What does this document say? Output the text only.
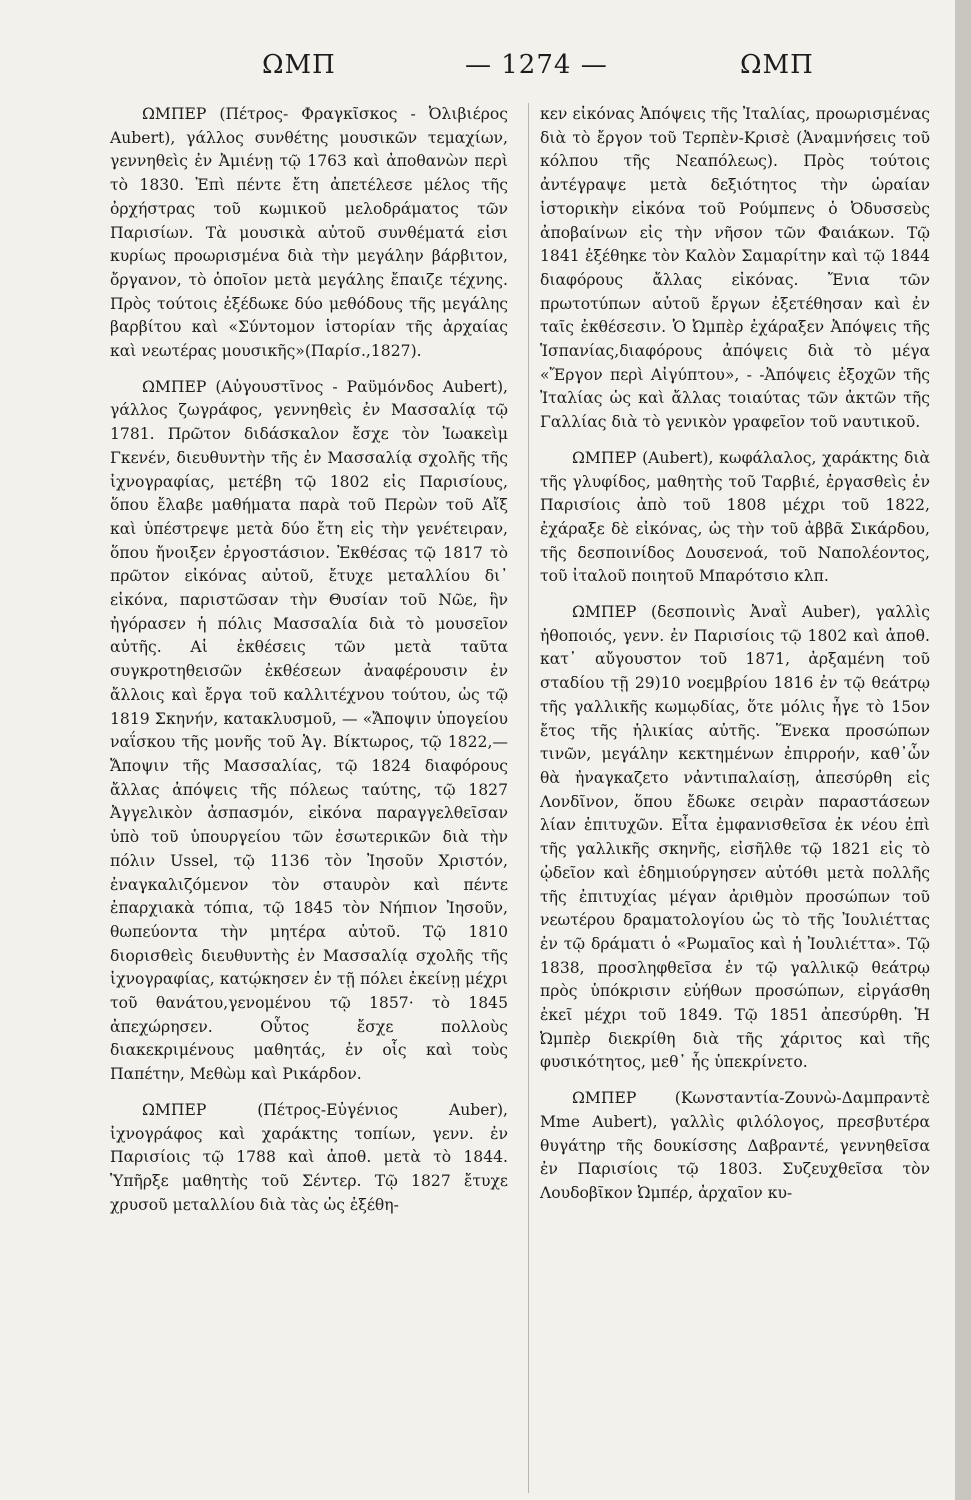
ΩΜΠ	— 1274 —	ΩΜΠ

ΩΜΠΕΡ (Πέτρος- Φραγκῖσκος - Ὀλιβιέρος Aubert), γάλλος συνθέτης μουσικῶν τεμαχίων, γεννηθεὶς ἐν Ἀμιένῃ τῷ 1763 καὶ ἀποθανὼν περὶ τὸ 1830. Ἐπὶ πέντε ἔτη ἀπετέλεσε μέλος τῆς ὀρχήστρας τοῦ κωμικοῦ μελοδράματος τῶν Παρισίων. Τὰ μουσικὰ αὐτοῦ συνθέματά εἰσι κυρίως προωρισμένα διὰ τὴν μεγάλην βάρβιτον, ὄργανον, τὸ ὁποῖον μετὰ μεγάλης ἔπαιζε τέχνης. Πρὸς τούτοις ἐξέδωκε δύο μεθόδους τῆς μεγάλης βαρβίτου καὶ «Σύντομον ἱστορίαν τῆς ἀρχαίας καὶ νεωτέρας μουσικῆς»(Παρίσ.,1827).

ΩΜΠΕΡ (Αὐγουστῖνος - Ραϋμόνδος Aubert), γάλλος ζωγράφος, γεννηθεὶς ἐν Μασσαλίᾳ τῷ 1781. Πρῶτον διδάσκαλον ἔσχε τὸν Ἰωακεὶμ Γκενέν, διευθυντὴν τῆς ἐν Μασσαλίᾳ σχολῆς τῆς ἰχνογραφίας, μετέβη τῷ 1802 εἰς Παρισίους, ὅπου ἔλαβε μαθήματα παρὰ τοῦ Περὼν τοῦ Αἴξ καὶ ὑπέστρεψε μετὰ δύο ἔτη εἰς τὴν γενέτειραν, ὅπου ἤνοιξεν ἐργοστάσιον. Ἐκθέσας τῷ 1817 τὸ πρῶτον εἰκόνας αὐτοῦ, ἔτυχε μεταλλίου δι᾽ εἰκόνα, παριστῶσαν τὴν Θυσίαν τοῦ Νῶε, ἣν ἠγόρασεν ἡ πόλις Μασσαλία διὰ τὸ μουσεῖον αὐτῆς. Αἱ ἐκθέσεις τῶν μετὰ ταῦτα συγκροτηθεισῶν ἐκθέσεων ἀναφέρουσιν ἐν ἄλλοις καὶ ἔργα τοῦ καλλιτέχνου τούτου, ὡς τῷ 1819 Σκηνήν, κατακλυσμοῦ, — «Ἄποψιν ὑπογείου ναΐσκου τῆς μονῆς τοῦ Ἁγ. Βίκτωρος, τῷ 1822,—Ἄποψιν τῆς Μασσαλίας, τῷ 1824 διαφόρους ἄλλας ἀπόψεις τῆς πόλεως ταύτης, τῷ 1827 Ἀγγελικὸν ἀσπασμόν, εἰκόνα παραγγελθεῖσαν ὑπὸ τοῦ ὑπουργείου τῶν ἐσωτερικῶν διὰ τὴν πόλιν Ussel, τῷ 1136 τὸν Ἰησοῦν Χριστόν, ἐναγκαλιζόμενον τὸν σταυρὸν καὶ πέντε ἐπαρχιακὰ τόπια, τῷ 1845 τὸν Νήπιον Ἰησοῦν, θωπεύοντα τὴν μητέρα αὐτοῦ. Τῷ 1810 διορισθεὶς διευθυντὴς ἐν Μασσαλίᾳ σχολῆς τῆς ἰχνογραφίας, κατῴκησεν ἐν τῇ πόλει ἐκείνῃ μέχρι τοῦ θανάτου,γενομένου τῷ 1857· τὸ 1845 ἀπεχώρησεν. Οὗτος ἔσχε πολλοὺς διακεκριμένους μαθητάς, ἐν οἷς καὶ τοὺς Παπέτην, Μεθὼμ καὶ Ρικάρδον.

ΩΜΠΕΡ (Πέτρος-Εὐγένιος Auber), ἰχνογράφος καὶ χαράκτης τοπίων, γενν. ἐν Παρισίοις τῷ 1788 καὶ ἀποθ. μετὰ τὸ 1844. Ὑπῆρξε μαθητὴς τοῦ Σέντερ. Τῷ 1827 ἔτυχε χρυσοῦ μεταλλίου διὰ τὰς ὡς ἐξέθη-

κεν εἰκόνας Ἀπόψεις τῆς Ἰταλίας, προωρισμένας διὰ τὸ ἔργον τοῦ Τερπὲν-Κρισὲ (Ἀναμνήσεις τοῦ κόλπου τῆς Νεαπόλεως). Πρὸς τούτοις ἀντέγραψε μετὰ δεξιότητος τὴν ὡραίαν ἱστορικὴν εἰκόνα τοῦ Ρούμπενς ὁ Ὀδυσσεὺς ἀποβαίνων εἰς τὴν νῆσον τῶν Φαιάκων. Τῷ 1841 ἐξέθηκε τὸν Καλὸν Σαμαρίτην καὶ τῷ 1844 διαφόρους ἄλλας εἰκόνας. Ἔνια τῶν πρωτοτύπων αὐτοῦ ἔργων ἐξετέθησαν καὶ ἐν ταῖς ἐκθέσεσιν. Ὁ Ὠμπὲρ ἐχάραξεν Ἀπόψεις τῆς Ἱσπανίας,διαφόρους ἀπόψεις διὰ τὸ μέγα «Ἔργον περὶ Αἰγύπτου», - -Ἀπόψεις ἐξοχῶν τῆς Ἰταλίας ὡς καὶ ἄλλας τοιαύτας τῶν ἀκτῶν τῆς Γαλλίας διὰ τὸ γενικὸν γραφεῖον τοῦ ναυτικοῦ.

ΩΜΠΕΡ (Aubert), κωφάλαλος, χαράκτης διὰ τῆς γλυφίδος, μαθητὴς τοῦ Ταρβιέ, ἐργασθεὶς ἐν Παρισίοις ἀπὸ τοῦ 1808 μέχρι τοῦ 1822, ἐχάραξε δὲ εἰκόνας, ὡς τὴν τοῦ ἀββᾶ Σικάρδου, τῆς δεσποινίδος Δουσενοά, τοῦ Ναπολέοντος, τοῦ ἰταλοῦ ποιητοῦ Μπαρότσιο κλπ.

ΩΜΠΕΡ (δεσποινὶς Ἀναῒ Auber), γαλλὶς ἠθοποιός, γενν. ἐν Παρισίοις τῷ 1802 καὶ ἀποθ. κατ᾽ αὔγουστον τοῦ 1871, ἀρξαμένη τοῦ σταδίου τῇ 29)10 νοεμβρίου 1816 ἐν τῷ θεάτρῳ τῆς γαλλικῆς κωμῳδίας, ὅτε μόλις ἦγε τὸ 15ον ἔτος τῆς ἡλικίας αὐτῆς. Ἕνεκα προσώπων τινῶν, μεγάλην κεκτημένων ἐπιρροήν, καθ᾽ὧν θὰ ἠναγκαζετο νἀντιπαλαίσῃ, ἀπεσύρθη εἰς Λονδῖνον, ὅπου ἔδωκε σειρὰν παραστάσεων λίαν ἐπιτυχῶν. Εἶτα ἐμφανισθεῖσα ἐκ νέου ἐπὶ τῆς γαλλικῆς σκηνῆς, εἰσῆλθε τῷ 1821 εἰς τὸ ᾠδεῖον καὶ ἐδημιούργησεν αὐτόθι μετὰ πολλῆς τῆς ἐπιτυχίας μέγαν ἀριθμὸν προσώπων τοῦ νεωτέρου δραματολογίου ὡς τὸ τῆς Ἰουλιέττας ἐν τῷ δράματι ὁ «Ρωμαῖος καὶ ἡ Ἰουλιέττα». Τῷ 1838, προσληφθεῖσα ἐν τῷ γαλλικῷ θεάτρῳ πρὸς ὑπόκρισιν εὐήθων προσώπων, εἰργάσθη ἐκεῖ μέχρι τοῦ 1849. Τῷ 1851 ἀπεσύρθη. Ἡ Ὠμπὲρ διεκρίθη διὰ τῆς χάριτος καὶ τῆς φυσικότητος, μεθ᾽ ἧς ὑπεκρίνετο.

ΩΜΠΕΡ (Κωνσταντία-Ζουνὼ-Δαμπραντὲ Mme Aubert), γαλλὶς φιλόλογος, πρεσβυτέρα θυγάτηρ τῆς δουκίσσης Δαβραντέ, γεννηθεῖσα ἐν Παρισίοις τῷ 1803. Συζευχθεῖσα τὸν Λουδοβῖκον Ὠμπέρ, ἀρχαῖον κυ-
